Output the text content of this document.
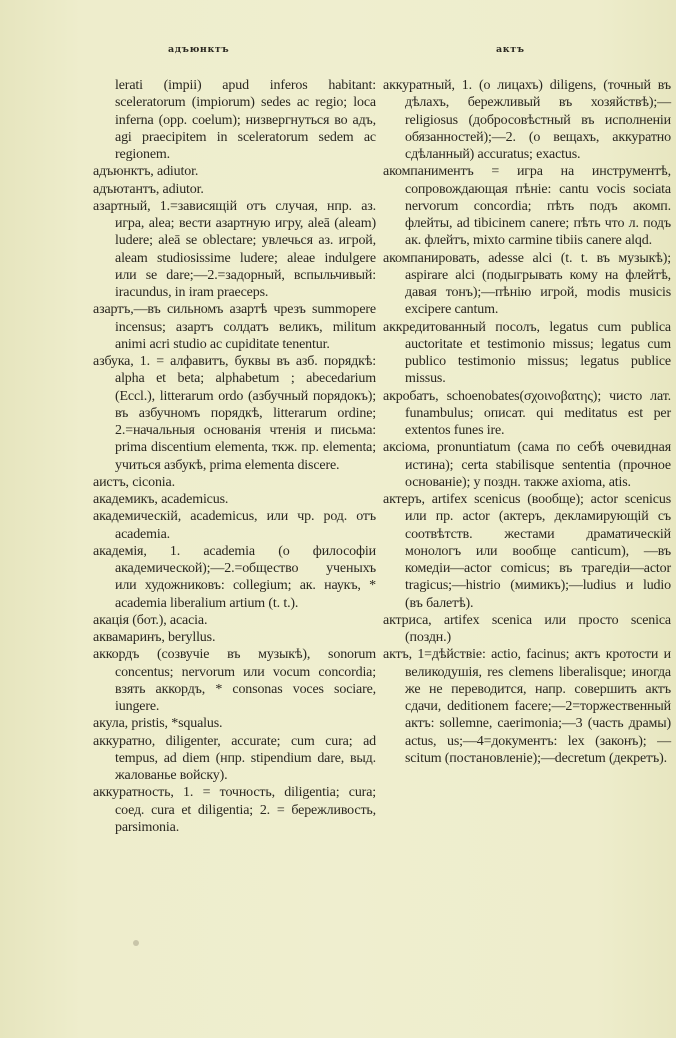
адъюнктъ	актъ

lerati (impii) apud inferos habitant: sceleratorum (impiorum) sedes ac regio; loca inferna (opp. coelum); низвергнуться во адъ, agi praecipitem in sceleratorum sedem ac regionem.

адъюнктъ, adiutor.

адъютантъ, adiutor.

азартный, 1.=зависящій отъ случая, нпр. аз. игра, alea; вести азартную игру, aleā (aleam) ludere; aleā se oblectare; увлечься аз. игрой, aleam studiosissime ludere; aleae indulgere или se dare;—2.=задорный, вспыльчивый: iracundus, in iram praeceps.

азартъ,—въ сильномъ азартѣ чрезъ summopere incensus; азартъ солдатъ великъ, militum animi acri studio ac cupiditate tenentur.

азбука, 1. = алфавитъ, буквы въ азб. порядкѣ: alpha et beta; alphabetum ; abecedarium (Eccl.), litterarum ordo (азбучный порядокъ); въ азбучномъ порядкѣ, litterarum ordine; 2.=начальныя основанія чтенія и письма: prima discentium elementa, ткж. пр. elementa; учиться азбукѣ, prima elementa discere.

аистъ, ciconia.

академикъ, academicus.

академическій, academicus, или чр. род. отъ academia.

академія, 1. academia (о философіи академической);—2.=общество ученыхъ или художниковъ: collegium; ак. наукъ, * academia liberalium artium (t. t.).

акація (бот.), acacia.

аквамаринъ, beryllus.

аккордъ (созвучіе въ музыкѣ), sonorum concentus; nervorum или vocum concordia; взять аккордъ, * consonas voces sociare, iungere.

акула, pristis, *squalus.

аккуратно, diligenter, accurate; cum cura; ad tempus, ad diem (нпр. stipendium dare, выд. жалованье войску).

аккуратность, 1. = точность, diligentia; cura; соед. cura et diligentia; 2. = бережливость, parsimonia.

аккуратный, 1. (о лицахъ) diligens, (точный въ дѣлахъ, бережливый въ хозяйствѣ);—religiosus (добросовѣстный въ исполненіи обязанностей);—2. (о вещахъ, аккуратно сдѣланный) accuratus; exactus.

акомпаниментъ = игра на инструментѣ, сопровождающая пѣніе: cantu vocis sociata nervorum concordia; пѣть подъ акомп. флейты, ad tibicinem canere; пѣть что л. подъ ак. флейтъ, mixto carmine tibiis canere alqd.

акомпанировать, adesse alci (t. t. въ музыкѣ); aspirare alci (подыгрывать кому на флейтѣ, давая тонъ);—пѣнію игрой, modis musicis excipere cantum.

аккредитованный посолъ, legatus cum publica auctoritate et testimonio missus; legatus cum publico testimonio missus; legatus publice missus.

акробатъ, schoenobates(σχοινοβατης); чисто лат. funambulus; описат. qui meditatus est per extentos funes ire.

аксіома, pronuntiatum (сама по себѣ очевидная истина); certa stabilisque sententia (прочное основаніе); у поздн. также axioma, atis.

актеръ, artifex scenicus (вообще); actor scenicus или пр. actor (актеръ, декламирующій съ соотвѣтств. жестами драматическій монологъ или вообще canticum), —въ комедіи—actor comicus; въ трагедіи—actor tragicus;—histrio (мимикъ);—ludius и ludio (въ балетѣ).

актриса, artifex scenica или просто scenica (поздн.)

актъ, 1=дѣйствіе: actio, facinus; актъ кротости и великодушія, res clemens liberalisque; иногда же не переводится, напр. совершить актъ сдачи, deditionem facere;—2=торжественный актъ: sollemne, caerimonia;—3 (часть драмы) actus, us;—4=документъ: lex (законъ); — scitum (постановленіе);—decretum (декретъ).
